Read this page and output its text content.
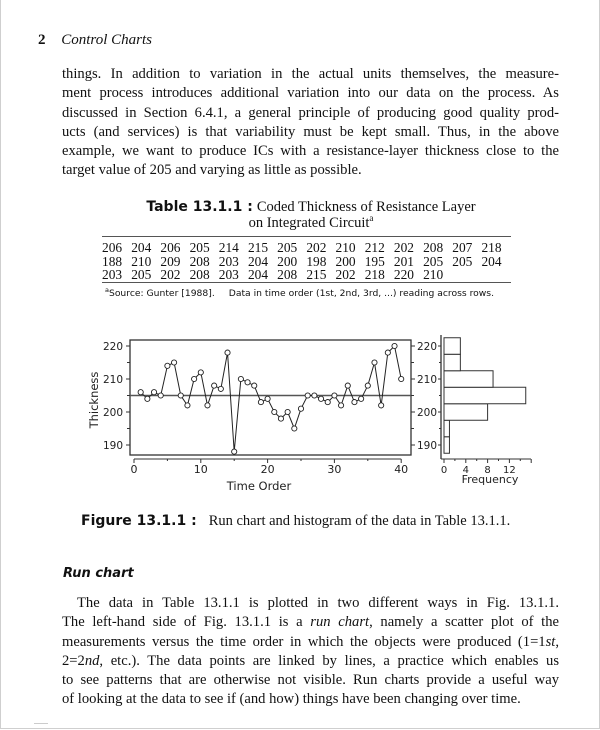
2 Control Charts
things. In addition to variation in the actual units themselves, the measure-
ment process introduces additional variation into our data on the process. As
discussed in Section 6.4.1, a general principle of producing good quality prod-
ucts (and services) is that variability must be kept small. Thus, in the above
example, we want to produce ICs with a resistance-layer thickness close to the
target value of 205 and varying as little as possible.
Table 13.1.1 : Coded Thickness of Resistance Layer
on Integrated Circuit$^a$
206 204 206 205 214 215 205 202 210 212 202 208 207 218
188 210 209 208 203 204 200 198 200 195 201 205 205 204
203 205 202 208 203 204 208 215 202 218 220 210
$^a$Source: Gunter [1988]. Data in time order (1st, 2nd, 3rd, ...) reading across rows.
0	10	20	30	40
Time Order
190
200
210
220
Thickness
190
200
210
220
0 4 8 12
Frequency
Figure 13.1.1 : Run chart and histogram of the data in Table 13.1.1.
Run chart
The data in Table 13.1.1 is plotted in two different ways in Fig. 13.1.1.
The left-hand side of Fig. 13.1.1 is a run chart, namely a scatter plot of the
measurements versus the time order in which the objects were produced (1=1st,
2=2nd, etc.). The data points are linked by lines, a practice which enables us
to see patterns that are otherwise not visible. Run charts provide a useful way
of looking at the data to see if (and how) things have been changing over time.
